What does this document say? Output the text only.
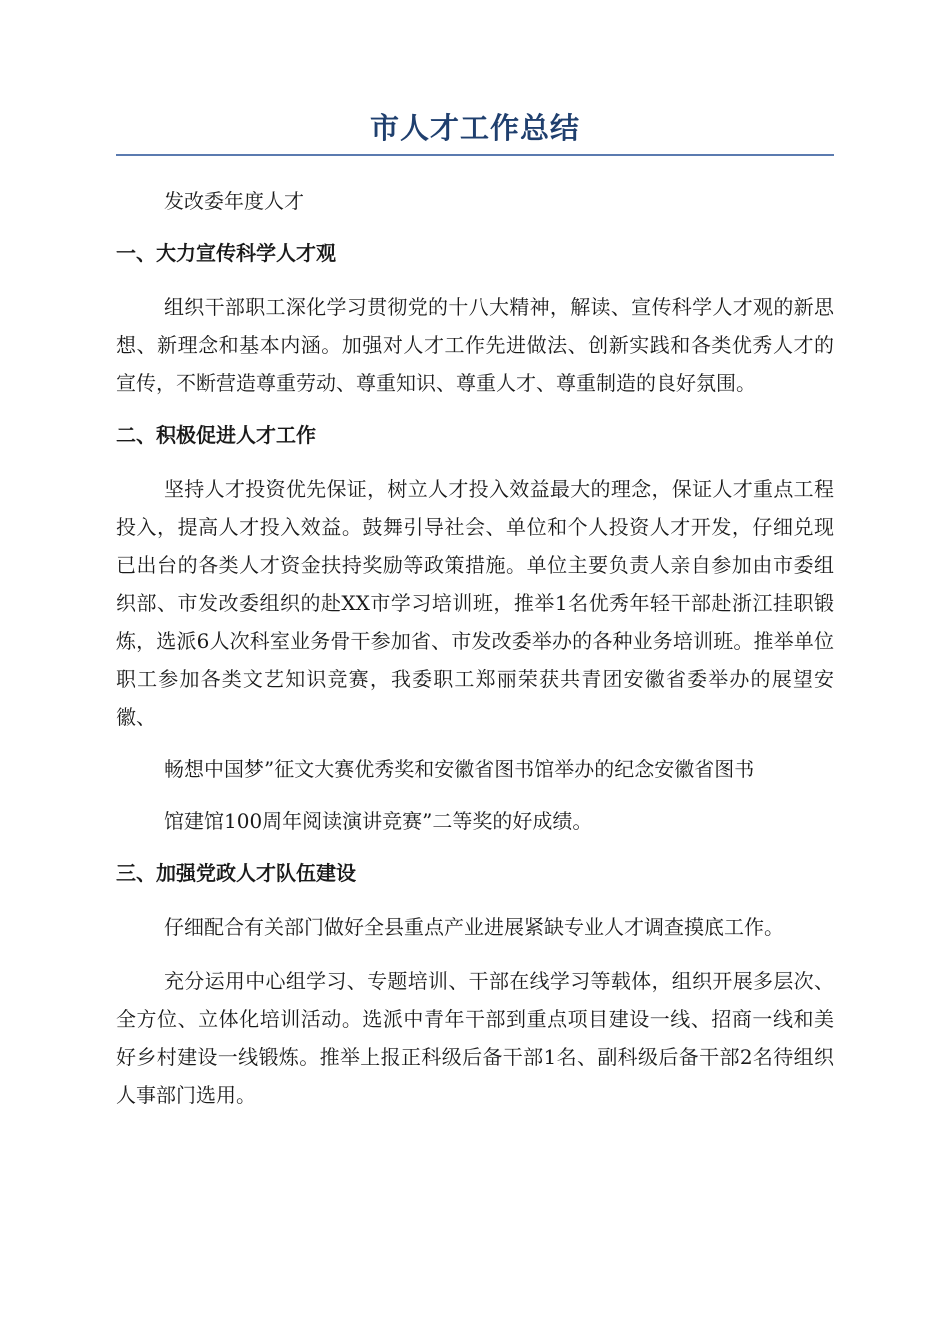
市人才工作总结

发改委年度人才

一、大力宣传科学人才观

组织干部职工深化学习贯彻党的十八大精神，解读、宣传科学人才观的新思想、新理念和基本内涵。加强对人才工作先进做法、创新实践和各类优秀人才的宣传，不断营造尊重劳动、尊重知识、尊重人才、尊重制造的良好氛围。

二、积极促进人才工作

坚持人才投资优先保证，树立人才投入效益最大的理念，保证人才重点工程投入，提高人才投入效益。鼓舞引导社会、单位和个人投资人才开发，仔细兑现已出台的各类人才资金扶持奖励等政策措施。单位主要负责人亲自参加由市委组织部、市发改委组织的赴XX市学习培训班，推举1名优秀年轻干部赴浙江挂职锻炼，选派6人次科室业务骨干参加省、市发改委举办的各种业务培训班。推举单位职工参加各类文艺知识竞赛，我委职工郑丽荣获共青团安徽省委举办的展望安徽、

畅想中国梦”征文大赛优秀奖和安徽省图书馆举办的纪念安徽省图书

馆建馆100周年阅读演讲竞赛”二等奖的好成绩。

三、加强党政人才队伍建设

仔细配合有关部门做好全县重点产业进展紧缺专业人才调查摸底工作。

充分运用中心组学习、专题培训、干部在线学习等载体，组织开展多层次、全方位、立体化培训活动。选派中青年干部到重点项目建设一线、招商一线和美好乡村建设一线锻炼。推举上报正科级后备干部1名、副科级后备干部2名待组织人事部门选用。
